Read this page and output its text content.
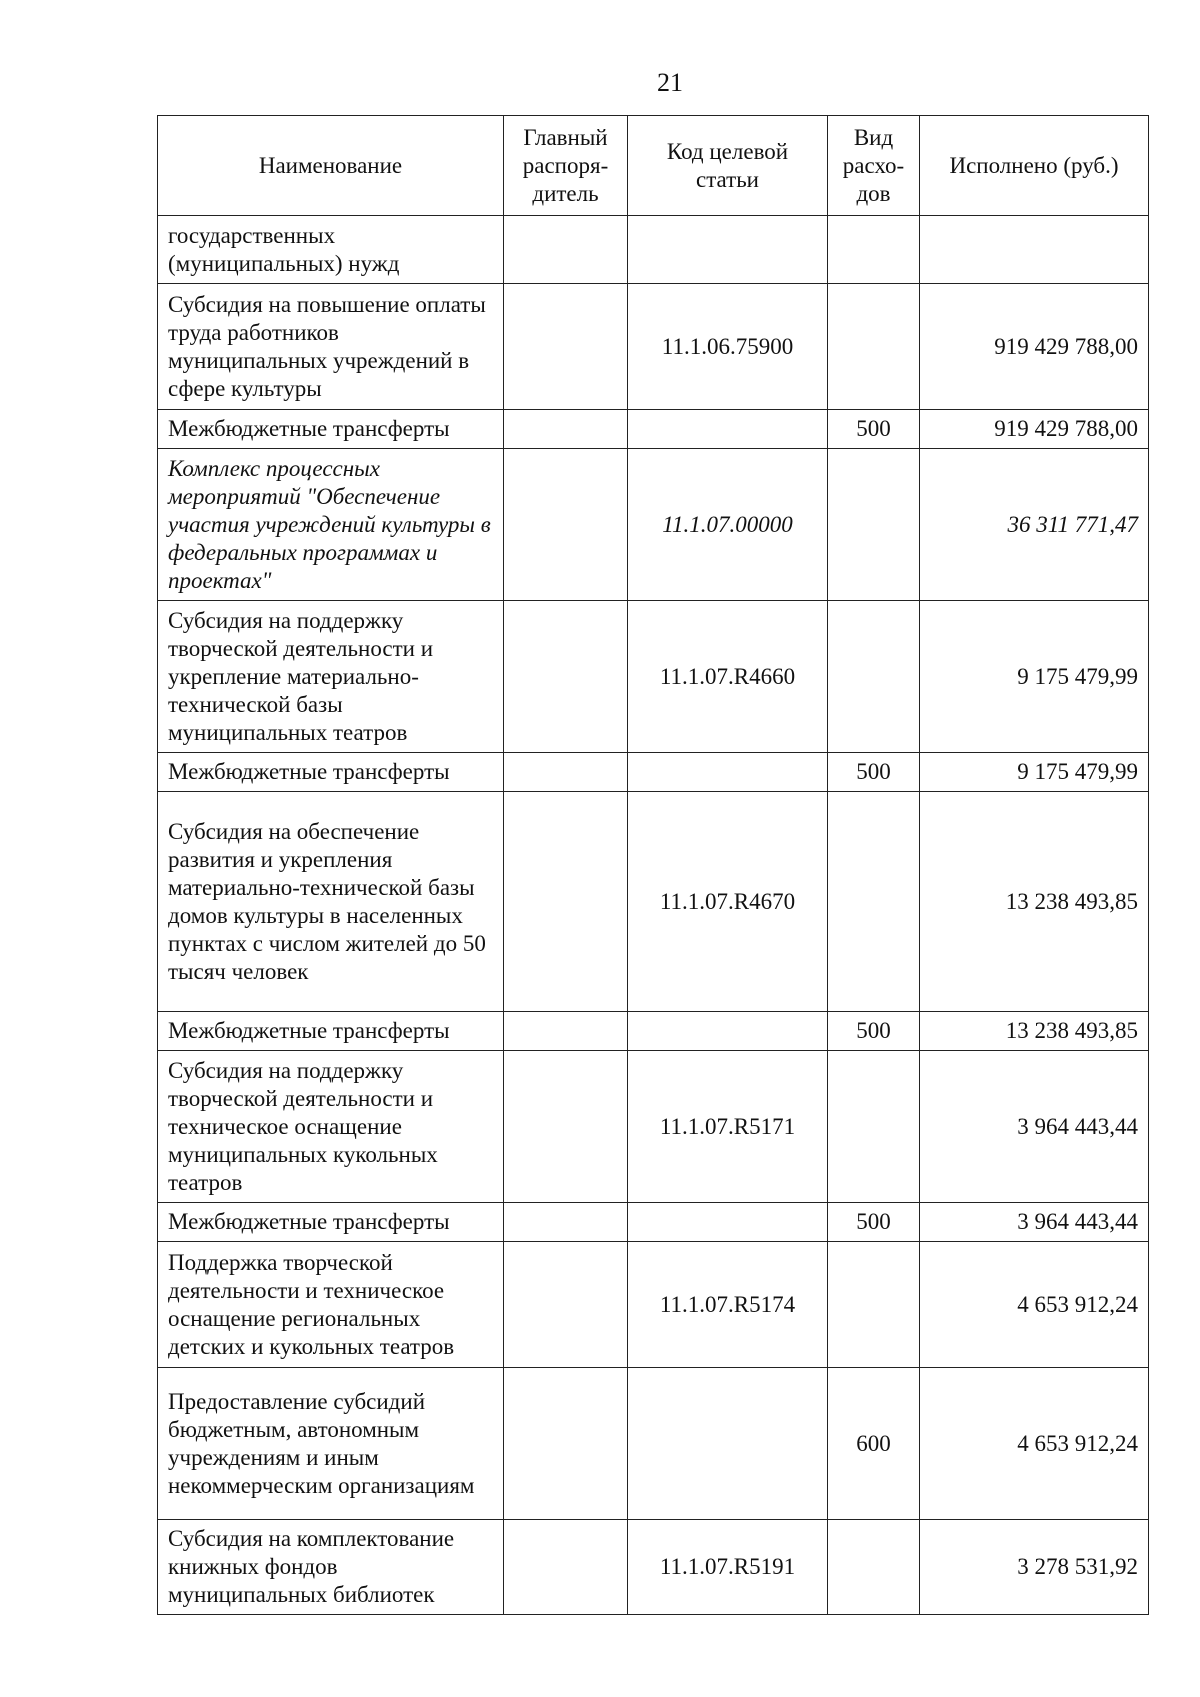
21
Наименование	Главный распоря-дитель	Код целевой статьи	Вид расхо-дов	Исполнено (руб.)
государственных (муниципальных) нужд				
Субсидия на повышение оплаты труда работников муниципальных учреждений в сфере культуры		11.1.06.75900		919 429 788,00
Межбюджетные трансферты			500	919 429 788,00
Комплекс процессных мероприятий "Обеспечение участия учреждений культуры в федеральных программах и проектах"		11.1.07.00000		36 311 771,47
Субсидия на поддержку творческой деятельности и укрепление материально-технической базы муниципальных театров		11.1.07.R4660		9 175 479,99
Межбюджетные трансферты			500	9 175 479,99
Субсидия на обеспечение развития и укрепления материально-технической базы домов культуры в населенных пунктах с числом жителей до 50 тысяч человек		11.1.07.R4670		13 238 493,85
Межбюджетные трансферты			500	13 238 493,85
Субсидия на поддержку творческой деятельности и техническое оснащение муниципальных кукольных театров		11.1.07.R5171		3 964 443,44
Межбюджетные трансферты			500	3 964 443,44
Поддержка творческой деятельности и техническое оснащение региональных детских и кукольных театров		11.1.07.R5174		4 653 912,24
Предоставление субсидий бюджетным, автономным учреждениям и иным некоммерческим организациям			600	4 653 912,24
Субсидия на комплектование книжных фондов муниципальных библиотек		11.1.07.R5191		3 278 531,92
